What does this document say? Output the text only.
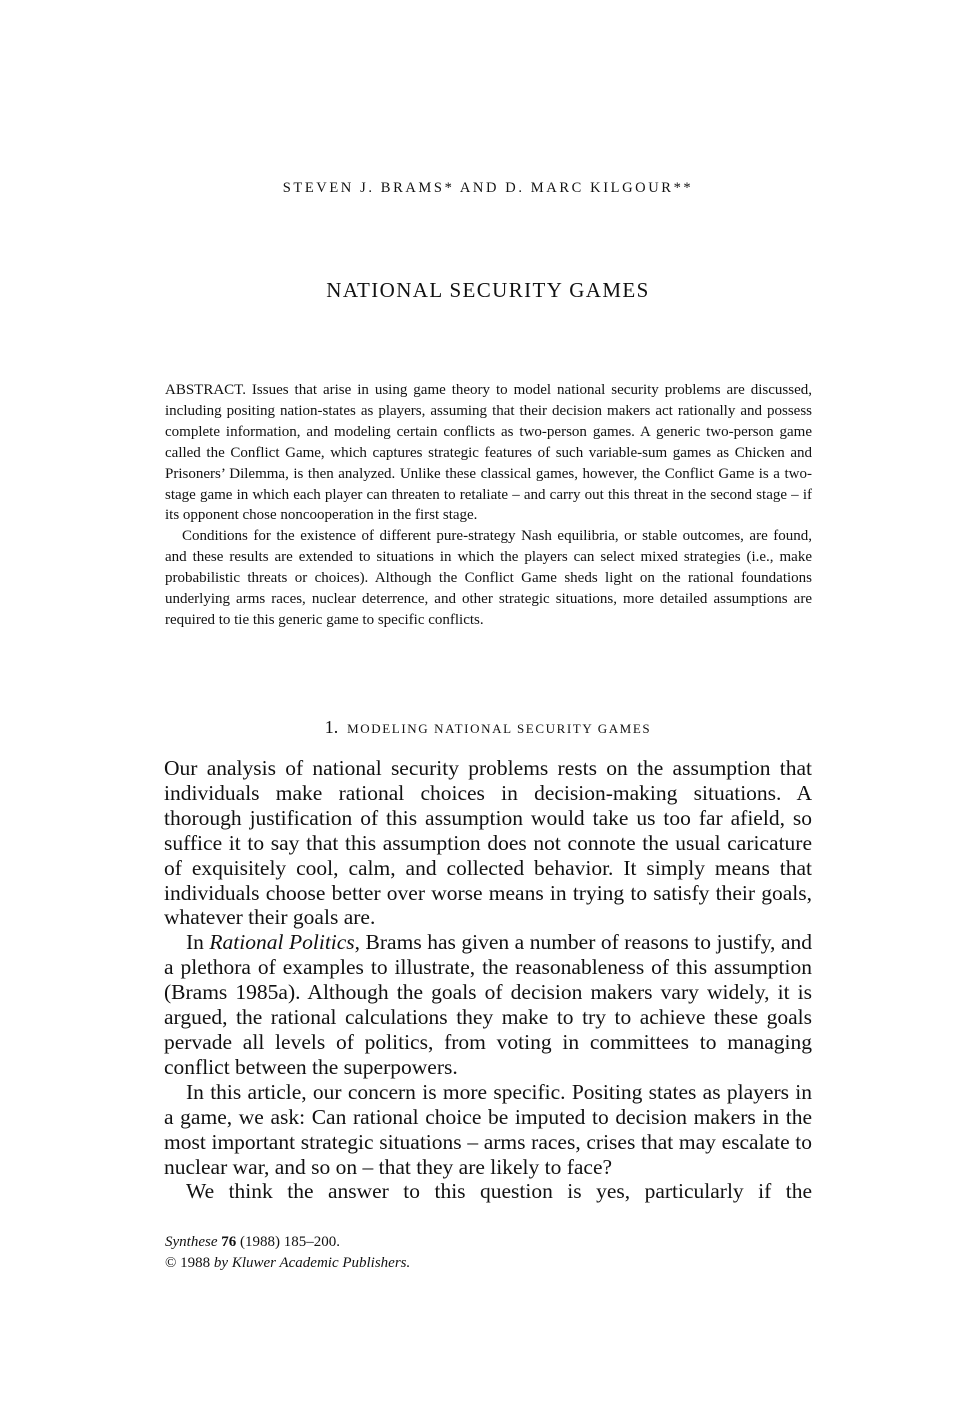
STEVEN J. BRAMS* AND D. MARC KILGOUR**
NATIONAL SECURITY GAMES

ABSTRACT. Issues that arise in using game theory to model national security problems are discussed, including positing nation-states as players, assuming that their decision makers act rationally and possess complete information, and modeling certain conflicts as two-person games. A generic two-person game called the Conflict Game, which captures strategic features of such variable-sum games as Chicken and Prisoners’ Dilemma, is then analyzed. Unlike these classical games, however, the Conflict Game is a two-stage game in which each player can threaten to retaliate – and carry out this threat in the second stage – if its opponent chose noncooperation in the first stage.

Conditions for the existence of different pure-strategy Nash equilibria, or stable outcomes, are found, and these results are extended to situations in which the players can select mixed strategies (i.e., make probabilistic threats or choices). Although the Conflict Game sheds light on the rational foundations underlying arms races, nuclear deterrence, and other strategic situations, more detailed assumptions are required to tie this generic game to specific conflicts.

1. MODELING NATIONAL SECURITY GAMES

Our analysis of national security problems rests on the assumption that individuals make rational choices in decision-making situations. A thorough justification of this assumption would take us too far afield, so suffice it to say that this assumption does not connote the usual caricature of exquisitely cool, calm, and collected behavior. It simply means that individuals choose better over worse means in trying to satisfy their goals, whatever their goals are.

In Rational Politics, Brams has given a number of reasons to justify, and a plethora of examples to illustrate, the reasonableness of this assumption (Brams 1985a). Although the goals of decision makers vary widely, it is argued, the rational calculations they make to try to achieve these goals pervade all levels of politics, from voting in committees to managing conflict between the superpowers.

In this article, our concern is more specific. Positing states as players in a game, we ask: Can rational choice be imputed to decision makers in the most important strategic situations – arms races, crises that may escalate to nuclear war, and so on – that they are likely to face?

We think the answer to this question is yes, particularly if the

Synthese 76 (1988) 185–200.
© 1988 by Kluwer Academic Publishers.
